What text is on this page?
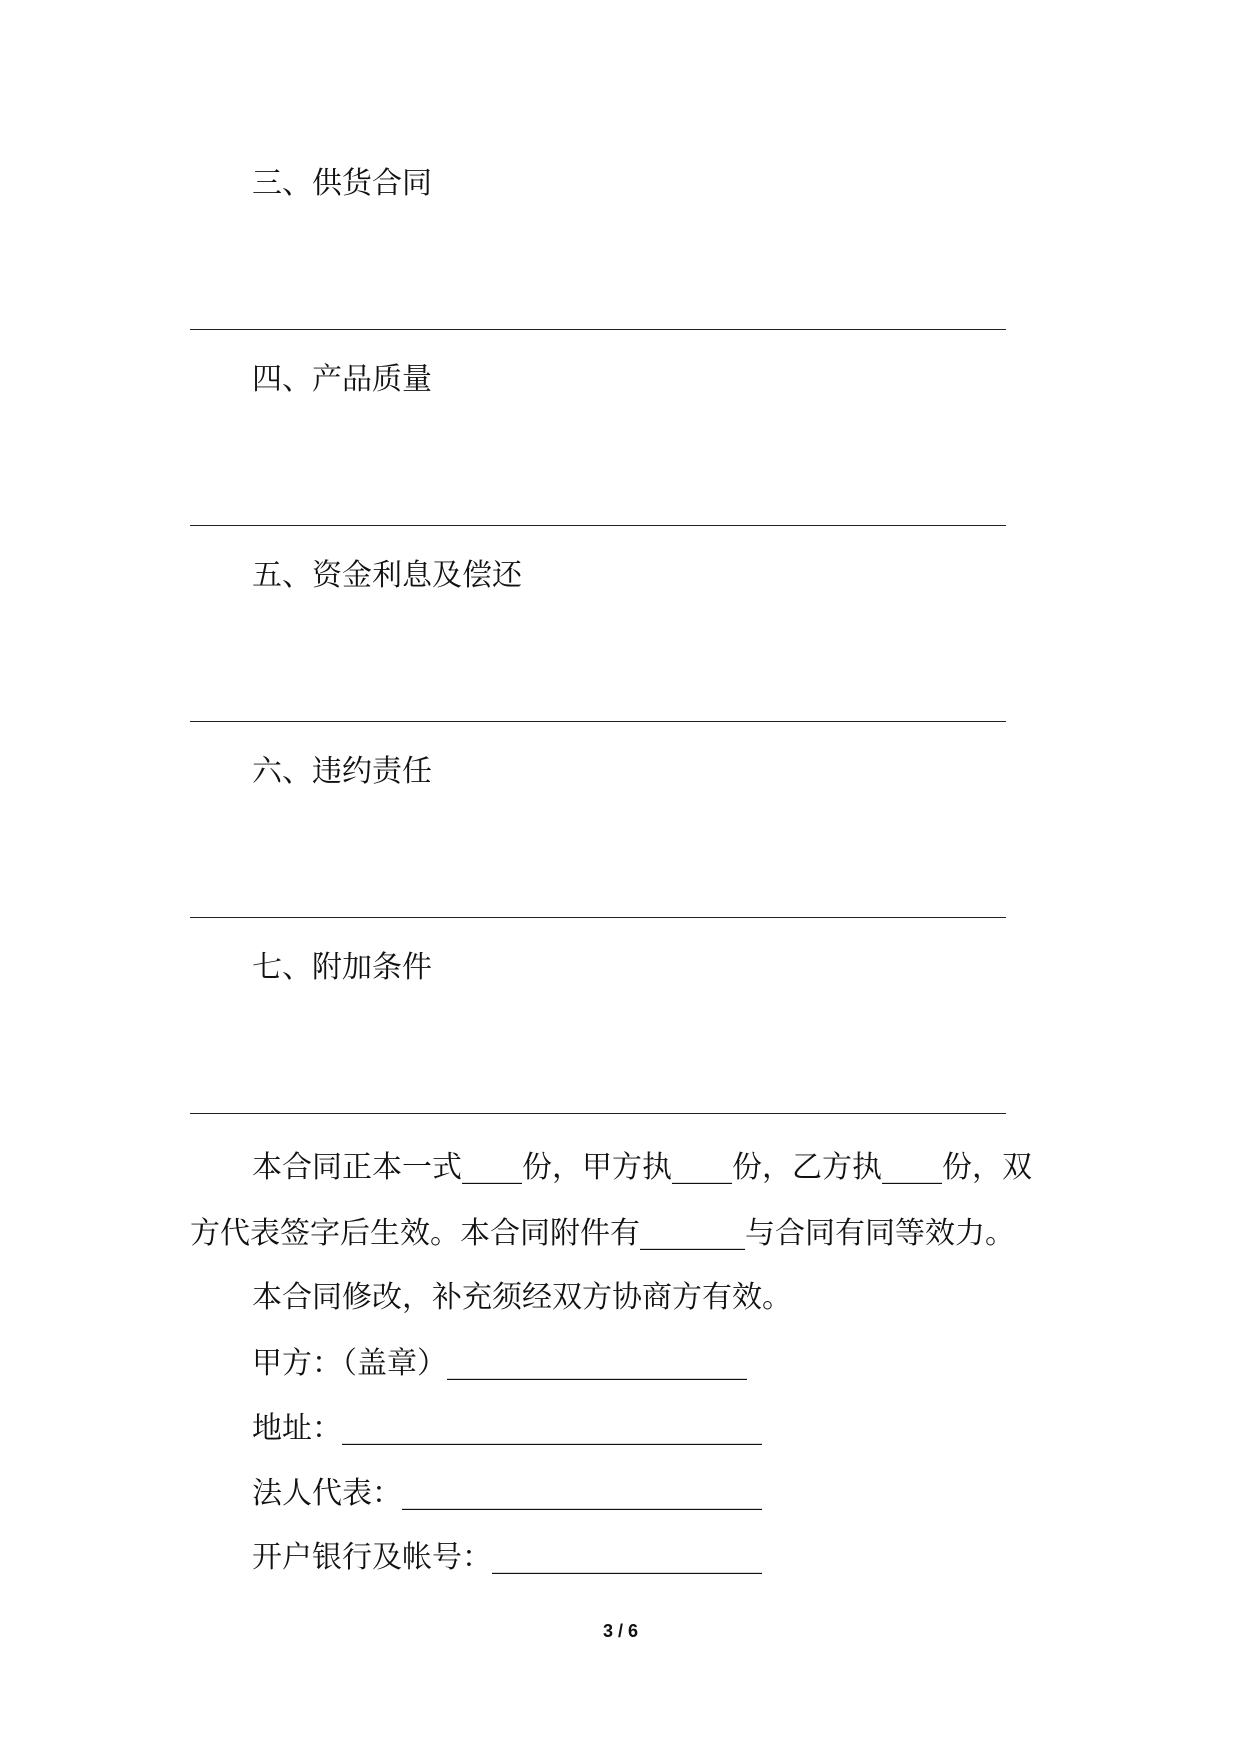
三、供货合同
四、产品质量
五、资金利息及偿还
六、违约责任
七、附加条件
本合同正本一式____份，甲方执____份，乙方执____份，双
方代表签字后生效。本合同附件有_______与合同有同等效力。
本合同修改，补充须经双方协商方有效。
甲方：（盖章）____________________
地址：____________________________
法人代表：________________________
开户银行及帐号：__________________
3 / 6
